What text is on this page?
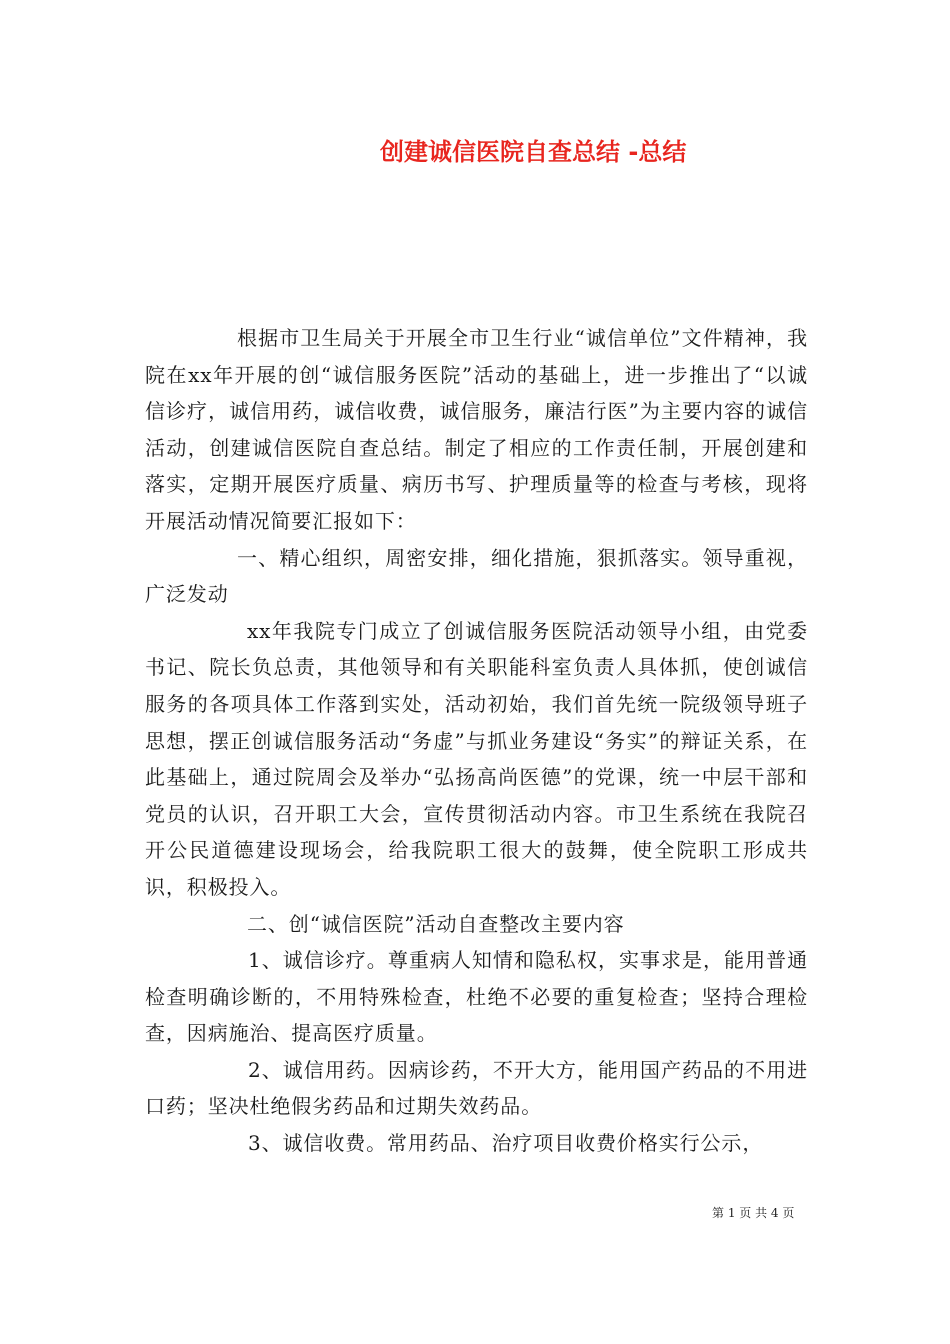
创建诚信医院自查总结 -总结

根据市卫生局关于开展全市卫生行业“诚信单位”文件精神，我院在xx年开展的创“诚信服务医院”活动的基础上，进一步推出了“以诚信诊疗，诚信用药，诚信收费，诚信服务，廉洁行医”为主要内容的诚信活动，创建诚信医院自查总结。制定了相应的工作责任制，开展创建和落实，定期开展医疗质量、病历书写、护理质量等的检查与考核，现将开展活动情况简要汇报如下：

一、精心组织，周密安排，细化措施，狠抓落实。领导重视，广泛发动

xx年我院专门成立了创诚信服务医院活动领导小组，由党委书记、院长负总责，其他领导和有关职能科室负责人具体抓，使创诚信服务的各项具体工作落到实处，活动初始，我们首先统一院级领导班子思想，摆正创诚信服务活动“务虚”与抓业务建设“务实”的辩证关系，在此基础上，通过院周会及举办“弘扬高尚医德”的党课，统一中层干部和党员的认识，召开职工大会，宣传贯彻活动内容。市卫生系统在我院召开公民道德建设现场会，给我院职工很大的鼓舞，使全院职工形成共识，积极投入。

二、创“诚信医院”活动自查整改主要内容

1、诚信诊疗。尊重病人知情和隐私权，实事求是，能用普通检查明确诊断的，不用特殊检查，杜绝不必要的重复检查；坚持合理检查，因病施治、提高医疗质量。

2、诚信用药。因病诊药，不开大方，能用国产药品的不用进口药；坚决杜绝假劣药品和过期失效药品。

3、诚信收费。常用药品、治疗项目收费价格实行公示，

第 1 页 共 4 页
